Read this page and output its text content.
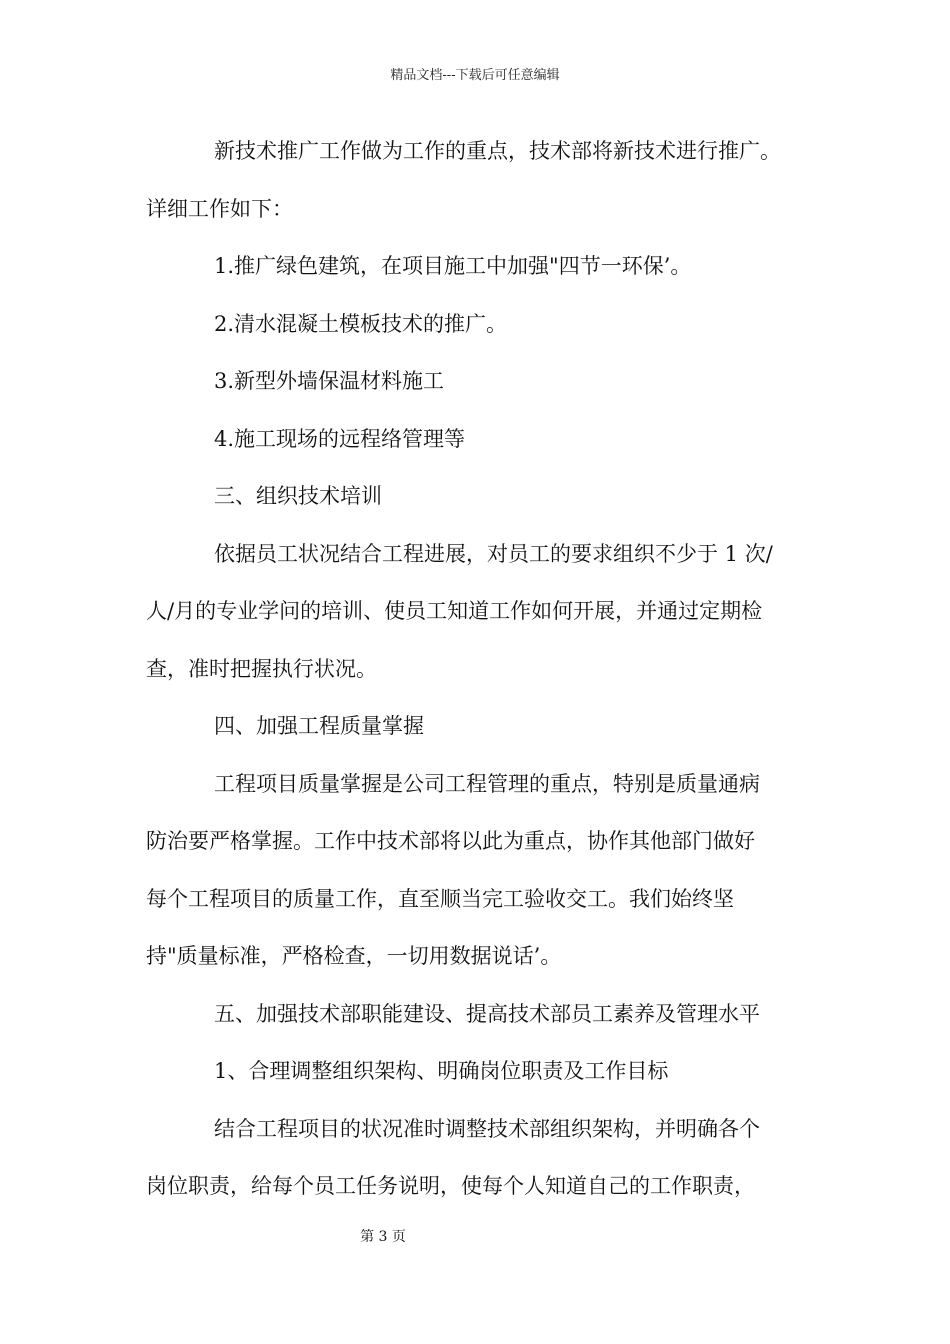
精品文档---下载后可任意编辑
新技术推广工作做为工作的重点，技术部将新技术进行推广。
详细工作如下：
1.推广绿色建筑，在项目施工中加强"四节一环保’。
2.清水混凝土模板技术的推广。
3.新型外墙保温材料施工
4.施工现场的远程络管理等
三、组织技术培训
依据员工状况结合工程进展，对员工的要求组织不少于 1 次/
人/月的专业学问的培训、使员工知道工作如何开展，并通过定期检
查，准时把握执行状况。
四、加强工程质量掌握
工程项目质量掌握是公司工程管理的重点，特别是质量通病
防治要严格掌握。工作中技术部将以此为重点，协作其他部门做好
每个工程项目的质量工作，直至顺当完工验收交工。我们始终坚
持"质量标准，严格检查，一切用数据说话’。
五、加强技术部职能建设、提高技术部员工素养及管理水平
1、合理调整组织架构、明确岗位职责及工作目标
结合工程项目的状况准时调整技术部组织架构，并明确各个
岗位职责，给每个员工任务说明，使每个人知道自己的工作职责，
第 3 页
